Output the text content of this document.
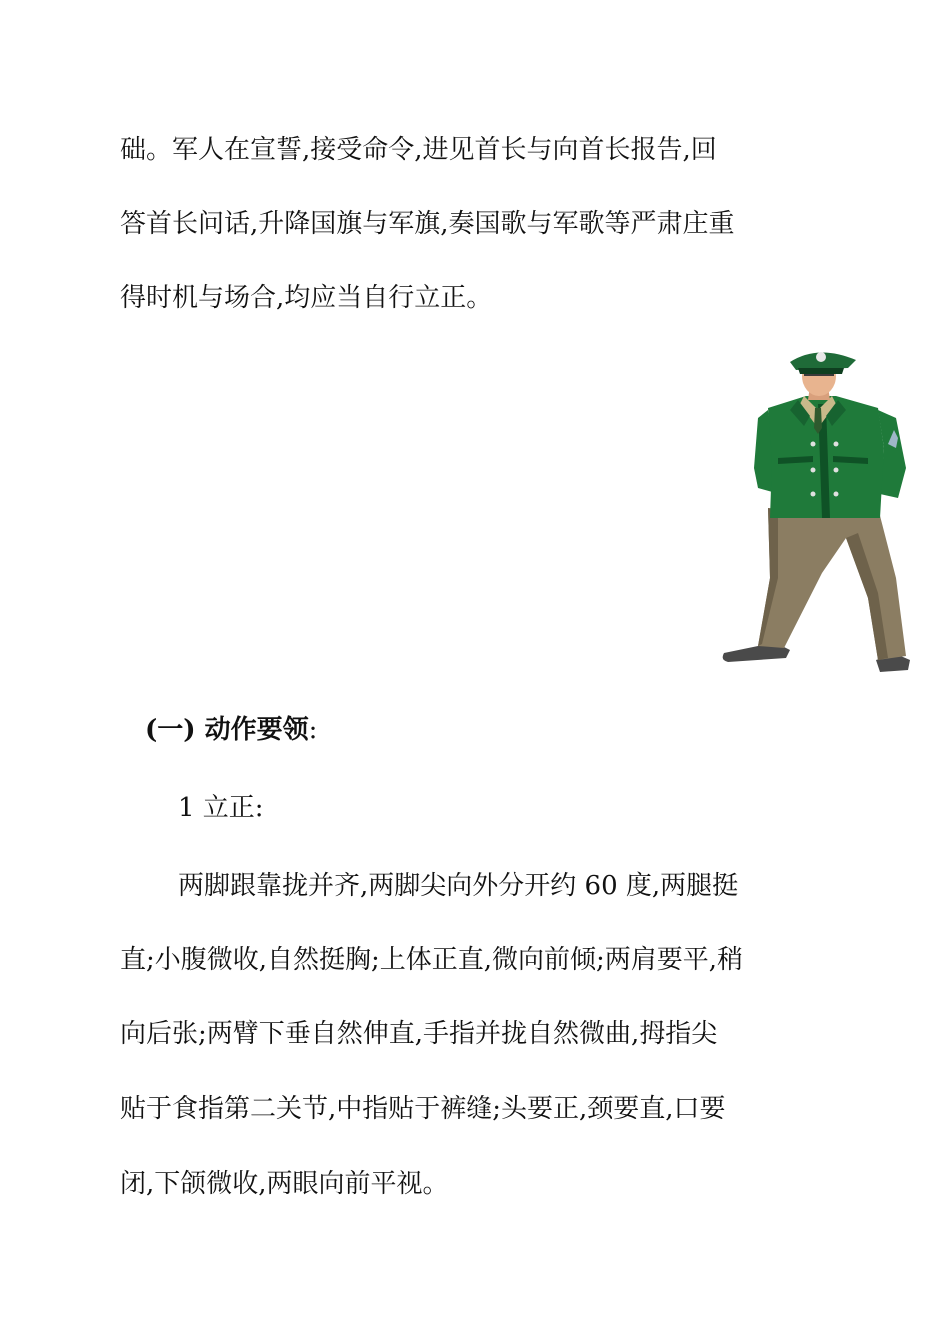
础。军人在宣誓,接受命令,进见首长与向首长报告,回

答首长问话,升降国旗与军旗,奏国歌与军歌等严肃庄重

得时机与场合,均应当自行立正。

(一) 动作要领:

1 立正:

两脚跟靠拢并齐,两脚尖向外分开约 60 度,两腿挺

直;小腹微收,自然挺胸;上体正直,微向前倾;两肩要平,稍

向后张;两臂下垂自然伸直,手指并拢自然微曲,拇指尖

贴于食指第二关节,中指贴于裤缝;头要正,颈要直,口要

闭,下颌微收,两眼向前平视。
